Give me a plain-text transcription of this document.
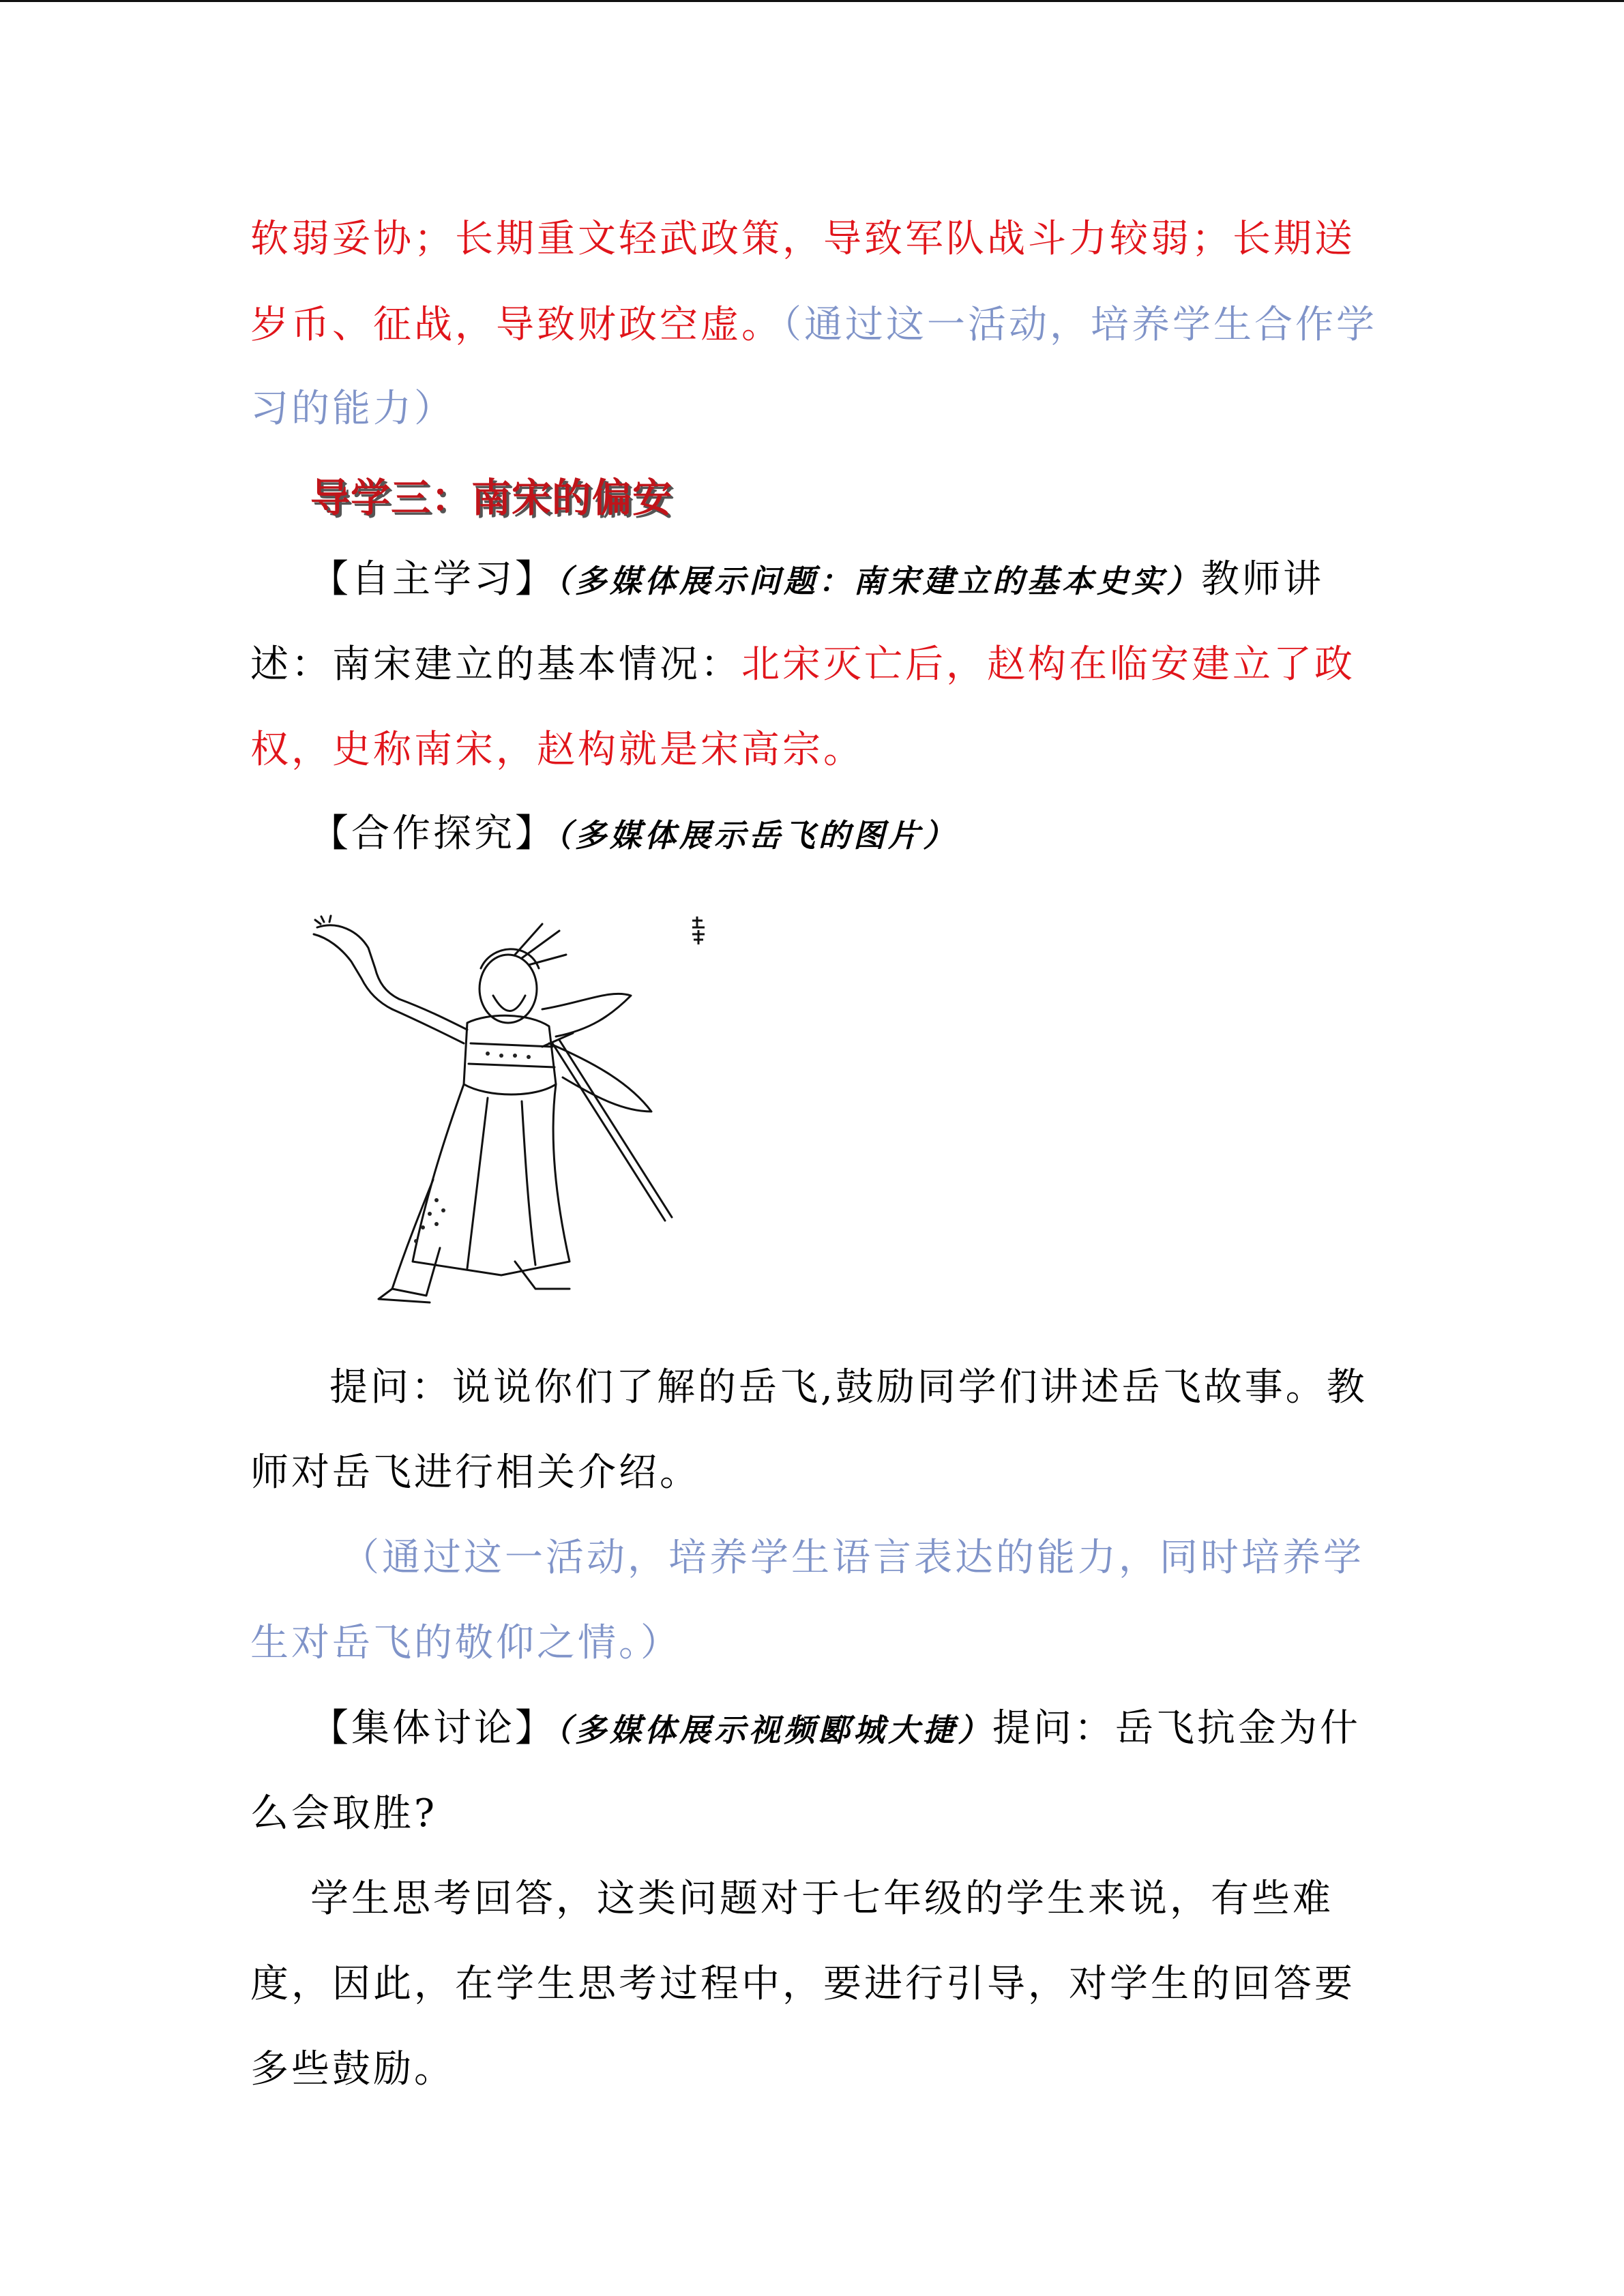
软弱妥协；长期重文轻武政策，导致军队战斗力较弱；长期送
岁币、征战，导致财政空虚。（通过这一活动，培养学生合作学
习的能力）
导学三：南宋的偏安
【自主学习】（多媒体展示问题：南宋建立的基本史实）教师讲
述：南宋建立的基本情况：北宋灭亡后，赵构在临安建立了政
权，史称南宋，赵构就是宋高宗。
【合作探究】（多媒体展示岳飞的图片）
提问：说说你们了解的岳飞,鼓励同学们讲述岳飞故事。教
师对岳飞进行相关介绍。
（通过这一活动，培养学生语言表达的能力，同时培养学
生对岳飞的敬仰之情。）
【集体讨论】（多媒体展示视频郾城大捷）提问：岳飞抗金为什
么会取胜?
学生思考回答，这类问题对于七年级的学生来说，有些难
度，因此，在学生思考过程中，要进行引导，对学生的回答要
多些鼓励。
